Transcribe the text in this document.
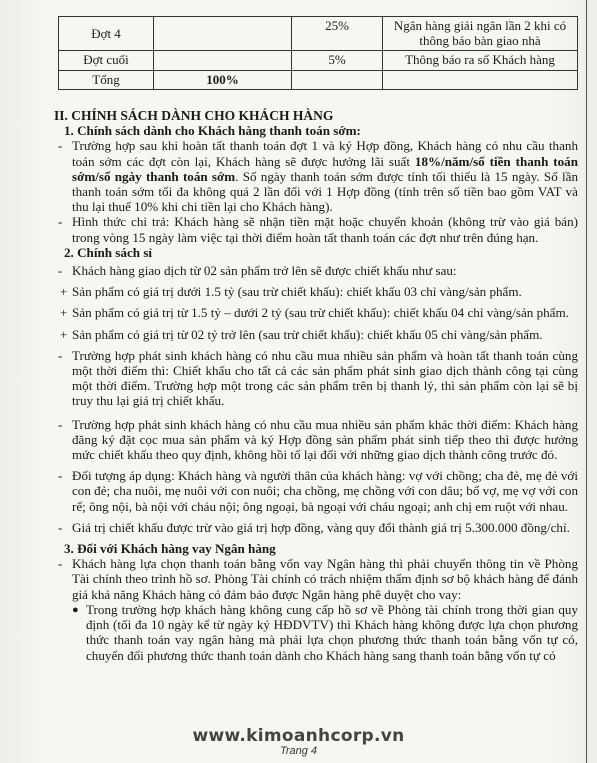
Đợt 4		25%	Ngân hàng giải ngân lần 2 khi có thông báo bàn giao nhà
Đợt cuối		5%	Thông báo ra sổ Khách hàng
Tổng	100%		

II. CHÍNH SÁCH DÀNH CHO KHÁCH HÀNG

1. Chính sách dành cho Khách hàng thanh toán sớm:

- Trường hợp sau khi hoàn tất thanh toán đợt 1 và ký Hợp đồng, Khách hàng có nhu cầu thanh toán sớm các đợt còn lại, Khách hàng sẽ được hưởng lãi suất 18%/năm/số tiền thanh toán sớm/số ngày thanh toán sớm. Số ngày thanh toán sớm được tính tối thiểu là 15 ngày. Số lần thanh toán sớm tối đa không quá 2 lần đối với 1 Hợp đồng (tính trên số tiền bao gồm VAT và thu lại thuế 10% khi chi tiền lại cho Khách hàng).

- Hình thức chi trả: Khách hàng sẽ nhận tiền mặt hoặc chuyển khoản (không trừ vào giá bán) trong vòng 15 ngày làm việc tại thời điểm hoàn tất thanh toán các đợt như trên đúng hạn.

2. Chính sách sỉ

- Khách hàng giao dịch từ 02 sản phẩm trở lên sẽ được chiết khấu như sau:

+ Sản phẩm có giá trị dưới 1.5 tỷ (sau trừ chiết khấu): chiết khấu 03 chỉ vàng/sản phẩm.

+ Sản phẩm có giá trị từ 1.5 tỷ – dưới 2 tỷ (sau trừ chiết khấu): chiết khấu 04 chỉ vàng/sản phẩm.

+ Sản phẩm có giá trị từ 02 tỷ trở lên (sau trừ chiết khấu): chiết khấu 05 chỉ vàng/sản phẩm.

- Trường hợp phát sinh khách hàng có nhu cầu mua nhiều sản phẩm và hoàn tất thanh toán cùng một thời điểm thì: Chiết khấu cho tất cả các sản phẩm phát sinh giao dịch thành công tại cùng một thời điểm. Trường hợp một trong các sản phẩm trên bị thanh lý, thì sản phẩm còn lại sẽ bị truy thu lại giá trị chiết khấu.

- Trường hợp phát sinh khách hàng có nhu cầu mua nhiều sản phẩm khác thời điểm: Khách hàng đăng ký đặt cọc mua sản phẩm và ký Hợp đồng sản phẩm phát sinh tiếp theo thì được hưởng mức chiết khấu theo quy định, không hồi tố lại đối với những giao dịch thành công trước đó.

- Đối tượng áp dụng: Khách hàng và người thân của khách hàng: vợ với chồng; cha đẻ, mẹ đẻ với con đẻ; cha nuôi, mẹ nuôi với con nuôi; cha chồng, mẹ chồng với con dâu; bố vợ, mẹ vợ với con rể; ông nội, bà nội với cháu nội; ông ngoại, bà ngoại với cháu ngoại; anh chị em ruột với nhau.

- Giá trị chiết khấu được trừ vào giá trị hợp đồng, vàng quy đổi thành giá trị 5.300.000 đồng/chỉ.

3. Đối với Khách hàng vay Ngân hàng

- Khách hàng lựa chọn thanh toán bằng vốn vay Ngân hàng thì phải chuyển thông tin về Phòng Tài chính theo trình hồ sơ. Phòng Tài chính có trách nhiệm thẩm định sơ bộ khách hàng để đánh giá khả năng Khách hàng có đảm bảo được Ngân hàng phê duyệt cho vay:

● Trong trường hợp khách hàng không cung cấp hồ sơ về Phòng tài chính trong thời gian quy định (tối đa 10 ngày kể từ ngày ký HĐDVTV) thì Khách hàng không được lựa chọn phương thức thanh toán vay ngân hàng mà phải lựa chọn phương thức thanh toán bằng vốn tự có, chuyển đổi phương thức thanh toán dành cho Khách hàng sang thanh toán bằng vốn tự có

www.kimoanhcorp.vn
Trang 4
